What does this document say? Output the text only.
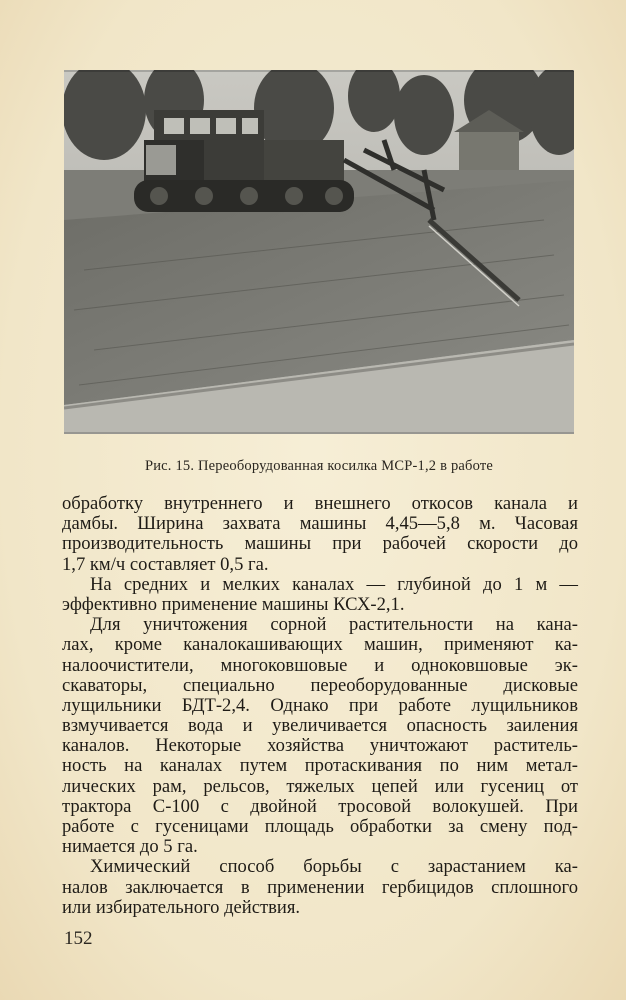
Рис. 15. Переоборудованная косилка МСР-1,2 в работе
обработку внутреннего и внешнего откосов канала и
дамбы. Ширина захвата машины 4,45—5,8 м. Часовая
производительность машины при рабочей скорости до
1,7 км/ч составляет 0,5 га.
На средних и мелких каналах — глубиной до 1 м —
эффективно применение машины КСХ-2,1.
Для уничтожения сорной растительности на кана-
лах, кроме каналокашивающих машин, применяют ка-
налоочистители, многоковшовые и одноковшовые эк-
скаваторы, специально переоборудованные дисковые
лущильники БДТ-2,4. Однако при работе лущильников
взмучивается вода и увеличивается опасность заиления
каналов. Некоторые хозяйства уничтожают раститель-
ность на каналах путем протаскивания по ним метал-
лических рам, рельсов, тяжелых цепей или гусениц от
трактора С-100 с двойной тросовой волокушей. При
работе с гусеницами площадь обработки за смену под-
нимается до 5 га.
Химический способ борьбы с зарастанием ка-
налов заключается в применении гербицидов сплошного
или избирательного действия.
152
